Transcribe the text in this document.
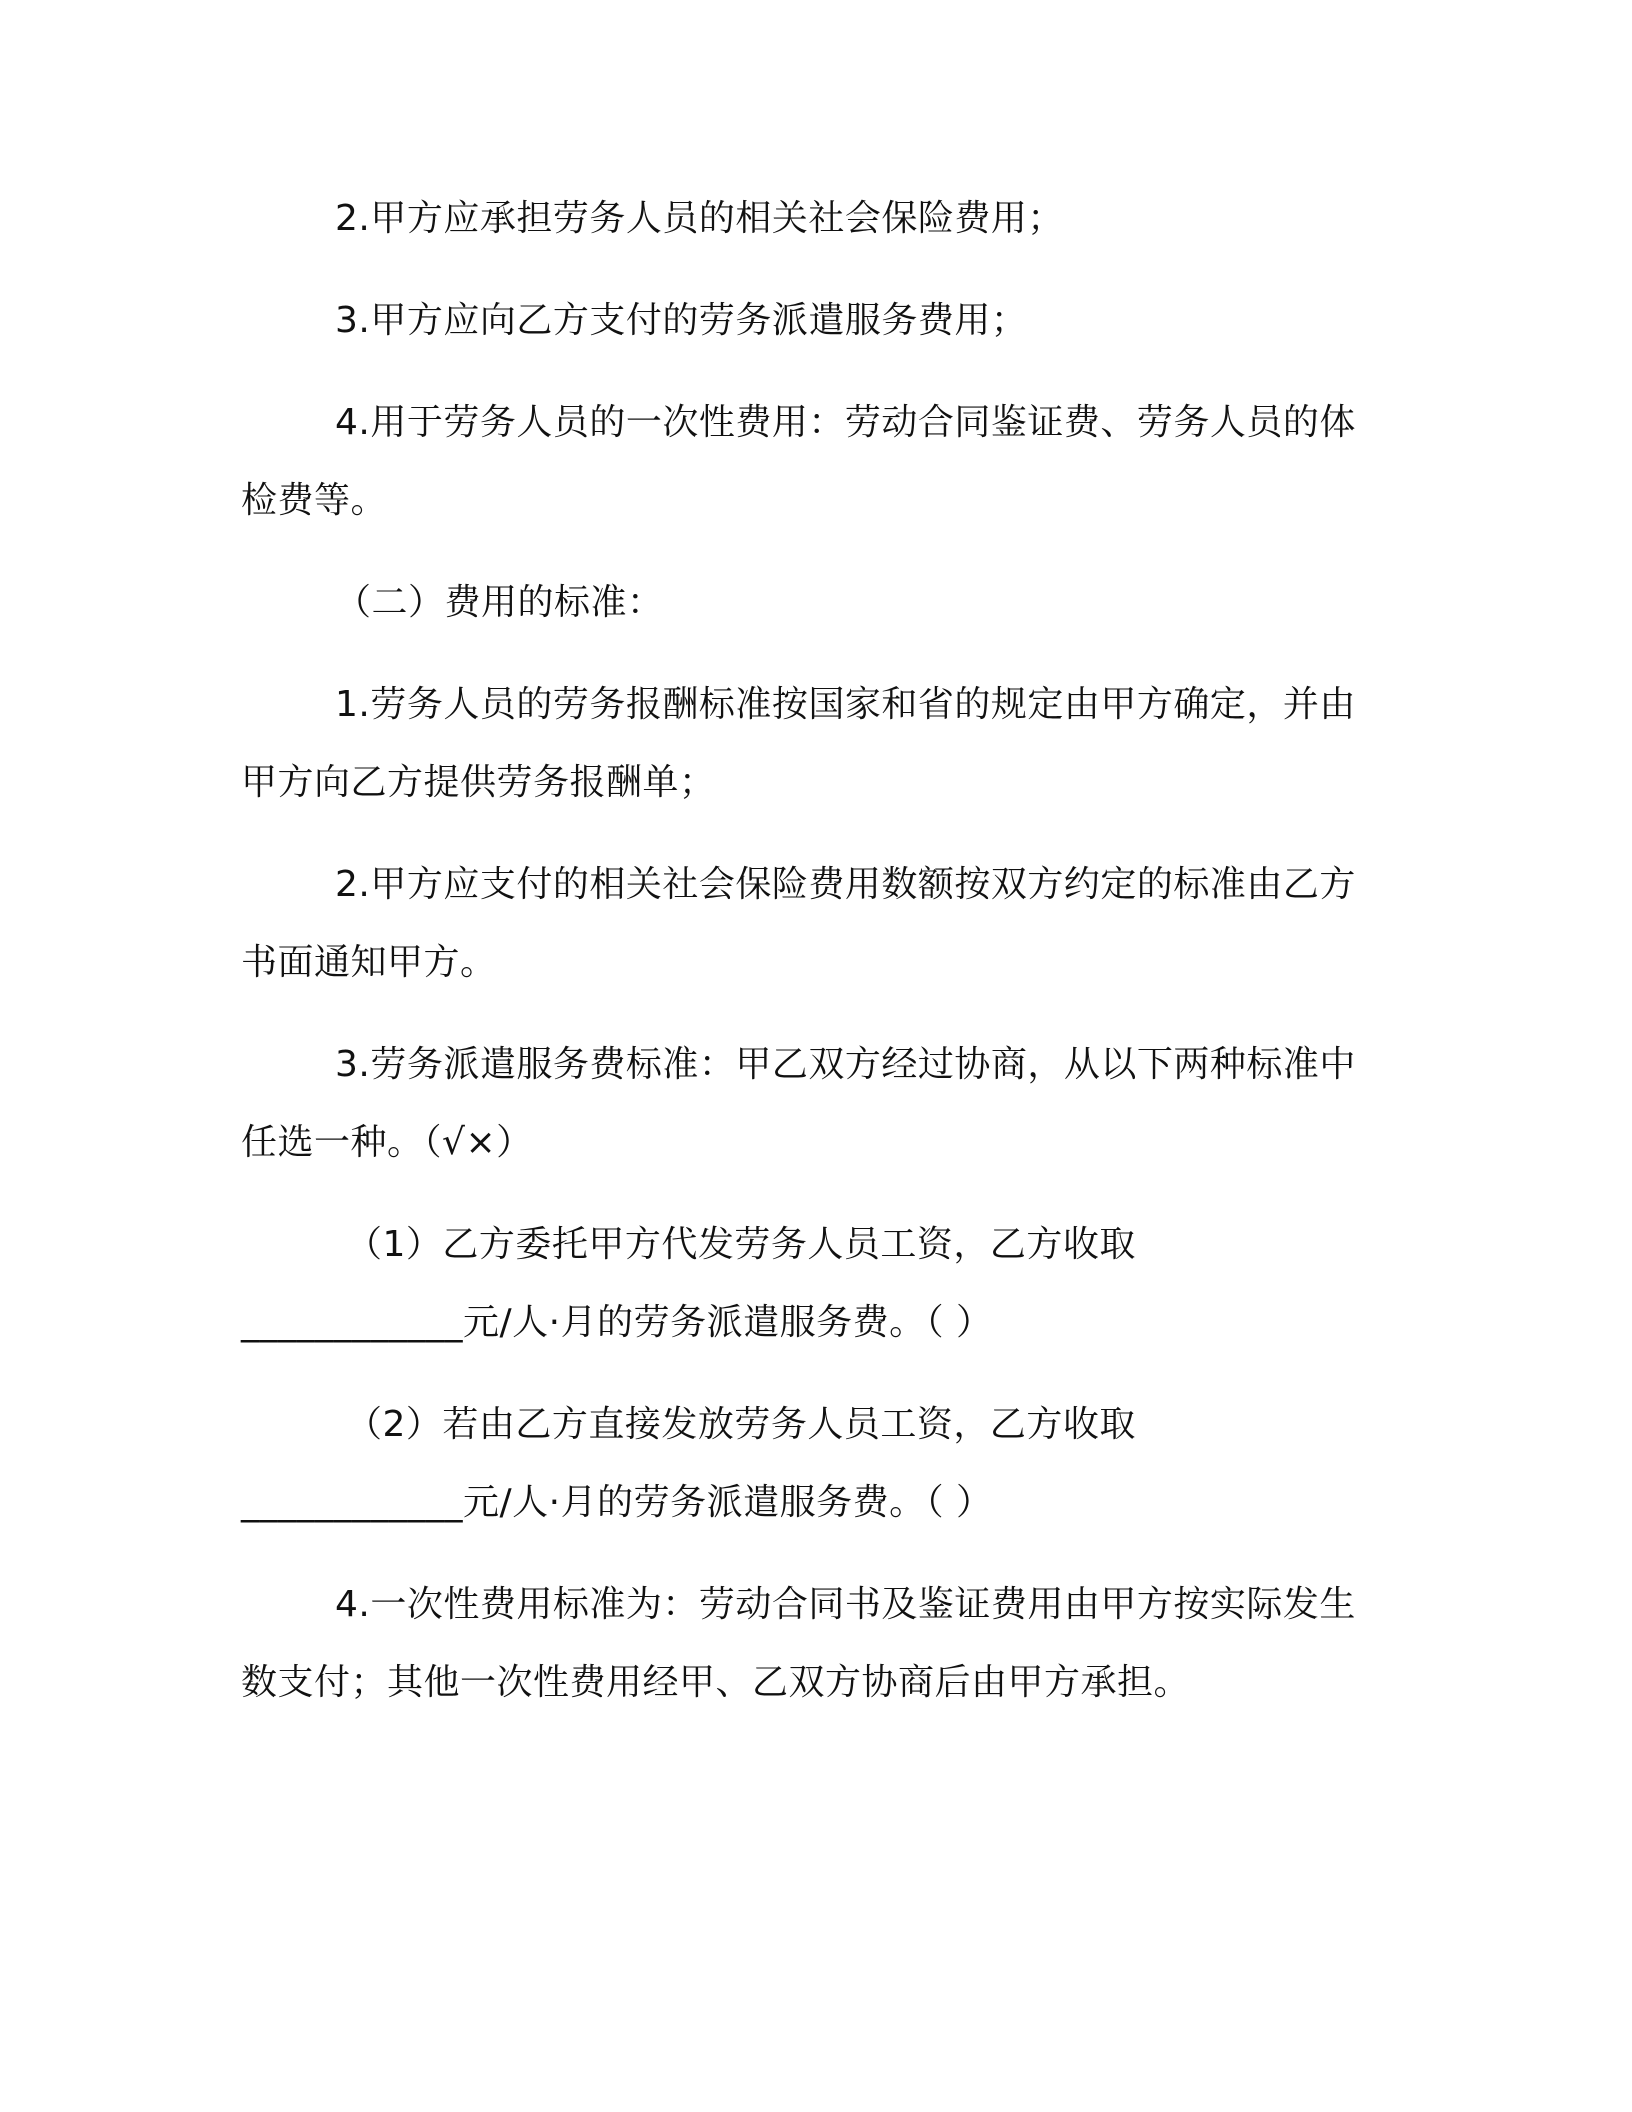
2.甲方应承担劳务人员的相关社会保险费用；

3.甲方应向乙方支付的劳务派遣服务费用；

4.用于劳务人员的一次性费用：劳动合同鉴证费、劳务人员的体检费等。

（二）费用的标准：

1.劳务人员的劳务报酬标准按国家和省的规定由甲方确定，并由甲方向乙方提供劳务报酬单；

2.甲方应支付的相关社会保险费用数额按双方约定的标准由乙方书面通知甲方。

3.劳务派遣服务费标准：甲乙双方经过协商，从以下两种标准中任选一种。（√×）

（1）乙方委托甲方代发劳务人员工资，乙方收取
____________元/人·月的劳务派遣服务费。（ ）

（2）若由乙方直接发放劳务人员工资，乙方收取
____________元/人·月的劳务派遣服务费。（ ）

4.一次性费用标准为：劳动合同书及鉴证费用由甲方按实际发生数支付；其他一次性费用经甲、乙双方协商后由甲方承担。
